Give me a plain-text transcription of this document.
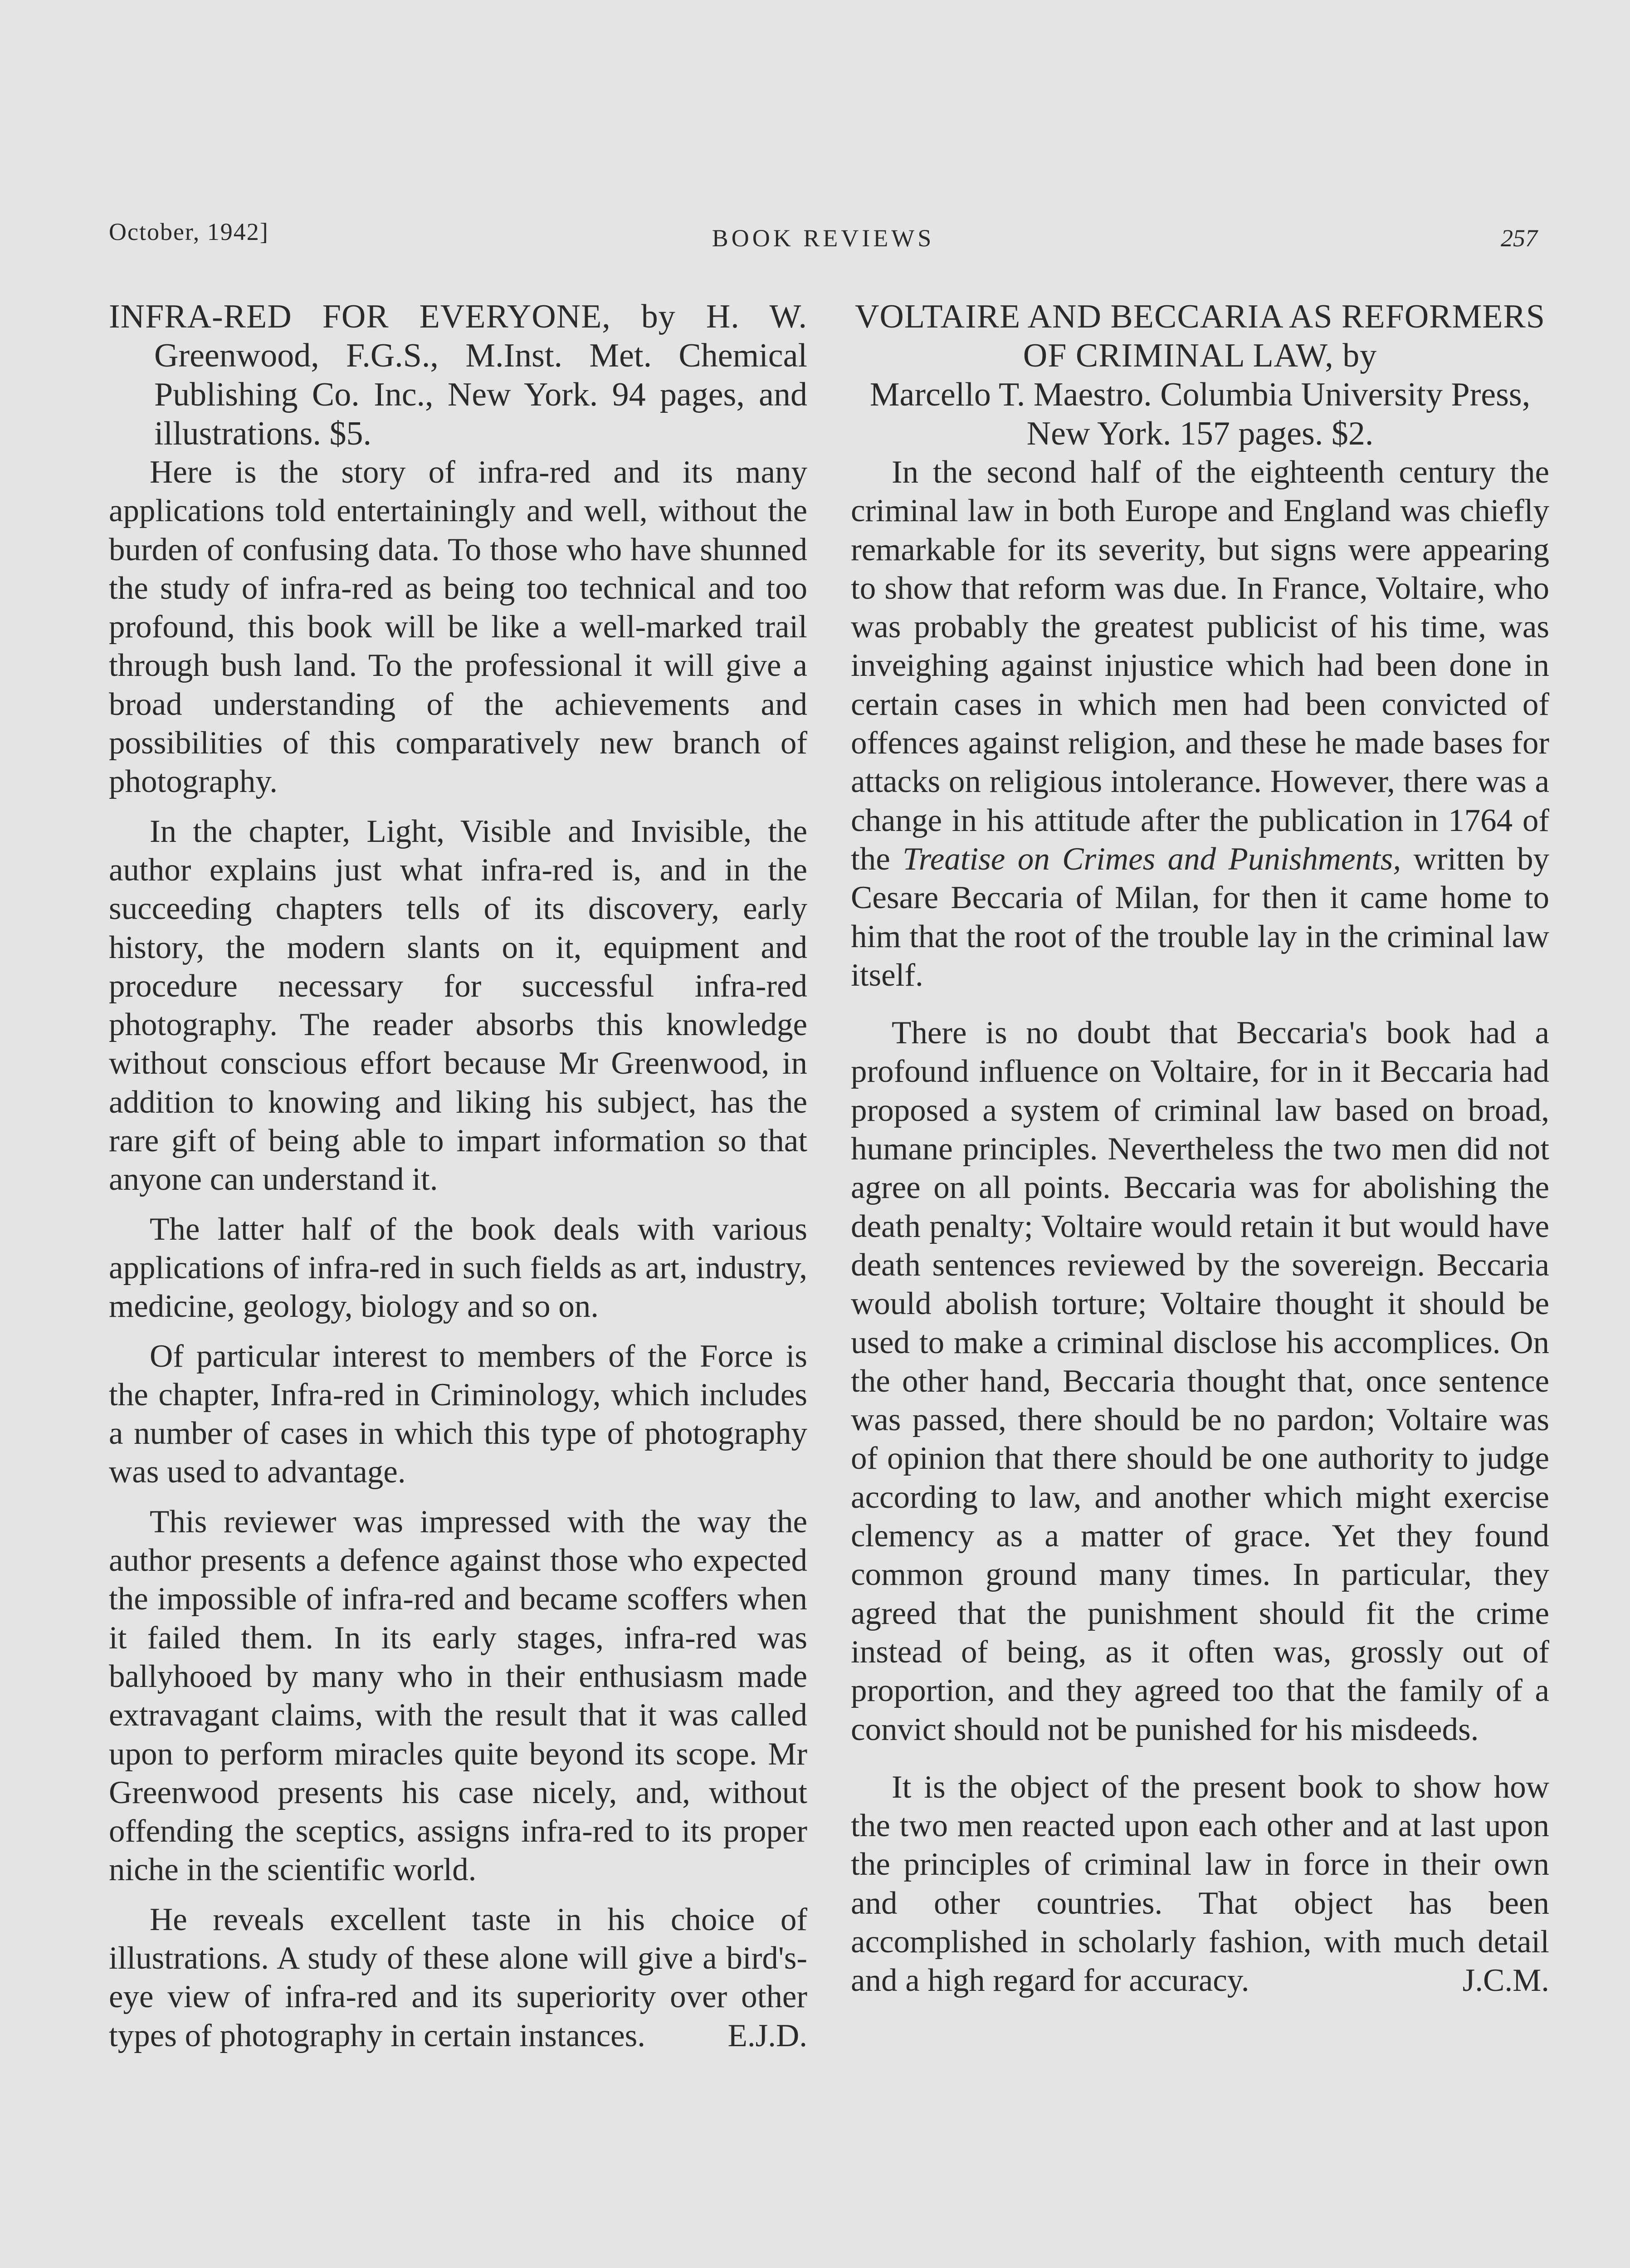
October, 1942]	BOOK REVIEWS	257
INFRA-RED FOR EVERYONE, by H. W. Greenwood, F.G.S., M.Inst. Met. Chemical Publishing Co. Inc., New York. 94 pages, and illustrations. $5.

Here is the story of infra-red and its many applications told entertainingly and well, without the burden of confusing data. To those who have shunned the study of infra-red as being too technical and too profound, this book will be like a well-marked trail through bush land. To the professional it will give a broad understanding of the achievements and possibilities of this comparatively new branch of photography.

In the chapter, Light, Visible and Invisible, the author explains just what infra-red is, and in the succeeding chapters tells of its discovery, early history, the modern slants on it, equipment and procedure necessary for successful infra-red photography. The reader absorbs this knowledge without conscious effort because Mr Greenwood, in addition to knowing and liking his subject, has the rare gift of being able to impart information so that anyone can understand it.

The latter half of the book deals with various applications of infra-red in such fields as art, industry, medicine, geology, biology and so on.

Of particular interest to members of the Force is the chapter, Infra-red in Criminology, which includes a number of cases in which this type of photography was used to advantage.

This reviewer was impressed with the way the author presents a defence against those who expected the impossible of infra-red and became scoffers when it failed them. In its early stages, infra-red was ballyhooed by many who in their enthusiasm made extravagant claims, with the result that it was called upon to perform miracles quite beyond its scope. Mr Greenwood presents his case nicely, and, without offending the sceptics, assigns infra-red to its proper niche in the scientific world.

He reveals excellent taste in his choice of illustrations. A study of these alone will give a bird's-eye view of infra-red and its superiority over other types of photography in certain instances.	E.J.D.

VOLTAIRE AND BECCARIA AS REFORMERS OF CRIMINAL LAW, by
Marcello T. Maestro. Columbia University Press, New York. 157 pages. $2.

In the second half of the eighteenth century the criminal law in both Europe and England was chiefly remarkable for its severity, but signs were appearing to show that reform was due. In France, Voltaire, who was probably the greatest publicist of his time, was inveighing against injustice which had been done in certain cases in which men had been convicted of offences against religion, and these he made bases for attacks on religious intolerance. However, there was a change in his attitude after the publication in 1764 of the Treatise on Crimes and Punishments, written by Cesare Beccaria of Milan, for then it came home to him that the root of the trouble lay in the criminal law itself.

There is no doubt that Beccaria's book had a profound influence on Voltaire, for in it Beccaria had proposed a system of criminal law based on broad, humane principles. Nevertheless the two men did not agree on all points. Beccaria was for abolishing the death penalty; Voltaire would retain it but would have death sentences reviewed by the sovereign. Beccaria would abolish torture; Voltaire thought it should be used to make a criminal disclose his accomplices. On the other hand, Beccaria thought that, once sentence was passed, there should be no pardon; Voltaire was of opinion that there should be one authority to judge according to law, and another which might exercise clemency as a matter of grace. Yet they found common ground many times. In particular, they agreed that the punishment should fit the crime instead of being, as it often was, grossly out of proportion, and they agreed too that the family of a convict should not be punished for his misdeeds.

It is the object of the present book to show how the two men reacted upon each other and at last upon the principles of criminal law in force in their own and other countries. That object has been accomplished in scholarly fashion, with much detail and a high regard for accuracy.	J.C.M.
